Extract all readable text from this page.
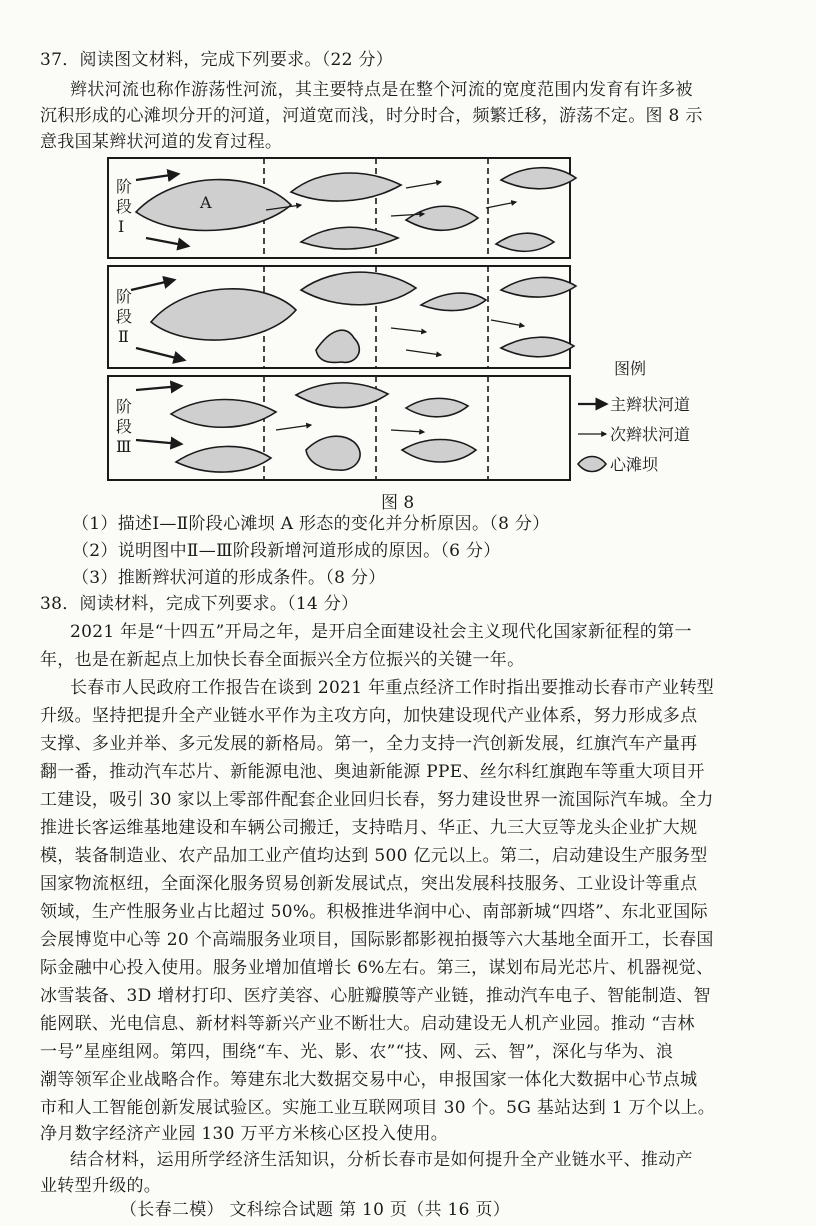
37．阅读图文材料，完成下列要求。（22 分）
辫状河流也称作游荡性河流，其主要特点是在整个河流的宽度范围内发育有许多被
沉积形成的心滩坝分开的河道，河道宽而浅，时分时合，频繁迁移，游荡不定。图 8 示
意我国某辫状河道的发育过程。
阶
段
Ⅰ
A
阶
段
Ⅱ
阶
段
Ⅲ
图例
主辫状河道
次辫状河道
心滩坝
图 8
（1）描述Ⅰ—Ⅱ阶段心滩坝 A 形态的变化并分析原因。（8 分）
（2）说明图中Ⅱ—Ⅲ阶段新增河道形成的原因。（6 分）
（3）推断辫状河道的形成条件。（8 分）
38．阅读材料，完成下列要求。（14 分）
2021 年是“十四五”开局之年，是开启全面建设社会主义现代化国家新征程的第一
年，也是在新起点上加快长春全面振兴全方位振兴的关键一年。
长春市人民政府工作报告在谈到 2021 年重点经济工作时指出要推动长春市产业转型
升级。坚持把提升全产业链水平作为主攻方向，加快建设现代产业体系，努力形成多点
支撑、多业并举、多元发展的新格局。第一，全力支持一汽创新发展，红旗汽车产量再
翻一番，推动汽车芯片、新能源电池、奥迪新能源 PPE、丝尔科红旗跑车等重大项目开
工建设，吸引 30 家以上零部件配套企业回归长春，努力建设世界一流国际汽车城。全力
推进长客运维基地建设和车辆公司搬迁，支持晧月、华正、九三大豆等龙头企业扩大规
模，装备制造业、农产品加工业产值均达到 500 亿元以上。第二，启动建设生产服务型
国家物流枢纽，全面深化服务贸易创新发展试点，突出发展科技服务、工业设计等重点
领域，生产性服务业占比超过 50%。积极推进华润中心、南部新城“四塔”、东北亚国际
会展博览中心等 20 个高端服务业项目，国际影都影视拍摄等六大基地全面开工，长春国
际金融中心投入使用。服务业增加值增长 6%左右。第三，谋划布局光芯片、机器视觉、
冰雪装备、3D 增材打印、医疗美容、心脏瓣膜等产业链，推动汽车电子、智能制造、智
能网联、光电信息、新材料等新兴产业不断壮大。启动建设无人机产业园。推动 “吉林
一号”星座组网。第四，围绕“车、光、影、农”“技、网、云、智”，深化与华为、浪
潮等领军企业战略合作。筹建东北大数据交易中心，申报国家一体化大数据中心节点城
市和人工智能创新发展试验区。实施工业互联网项目 30 个。5G 基站达到 1 万个以上。
净月数字经济产业园 130 万平方米核心区投入使用。
结合材料，运用所学经济生活知识，分析长春市是如何提升全产业链水平、推动产
业转型升级的。
（长春二模） 文科综合试题 第 10 页（共 16 页）
